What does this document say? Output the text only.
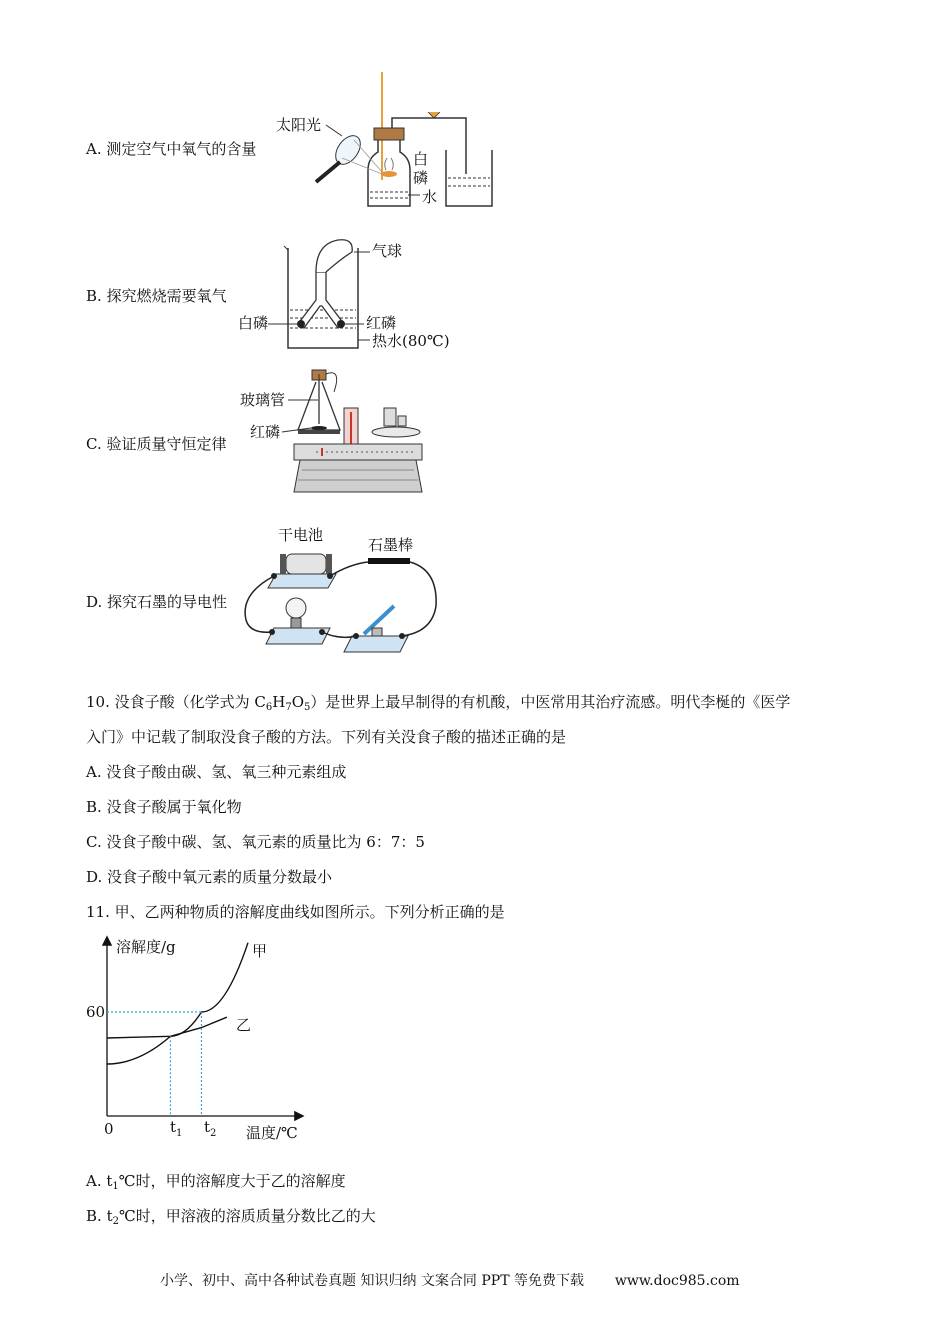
A. 测定空气中氧气的含量
B. 探究燃烧需要氧气
C. 验证质量守恒定律
D. 探究石墨的导电性
太阳光
白
磷
水
气球
白磷	红磷
热水(80℃)
玻璃管
红磷
干电池
石墨棒
10. 没食子酸（化学式为 $C_6H_7O_5$）是世界上最早制得的有机酸，中医常用其治疗流感。明代李梴的《医学
入门》中记载了制取没食子酸的方法。下列有关没食子酸的描述正确的是
A. 没食子酸由碳、氢、氧三种元素组成
B. 没食子酸属于氧化物
C. 没食子酸中碳、氢、氧元素的质量比为 6：7：5
D. 没食子酸中氧元素的质量分数最小
11. 甲、乙两种物质的溶解度曲线如图所示。下列分析正确的是
溶解度/g
温度/℃
0
60
$t_1$ $t_2$
甲
乙
A. $t_1℃$时，甲的溶解度大于乙的溶解度
B. $t_2℃$时，甲溶液的溶质质量分数比乙的大
小学、初中、高中各种试卷真题 知识归纳 文案合同 PPT 等免费下载 www.doc985.com
